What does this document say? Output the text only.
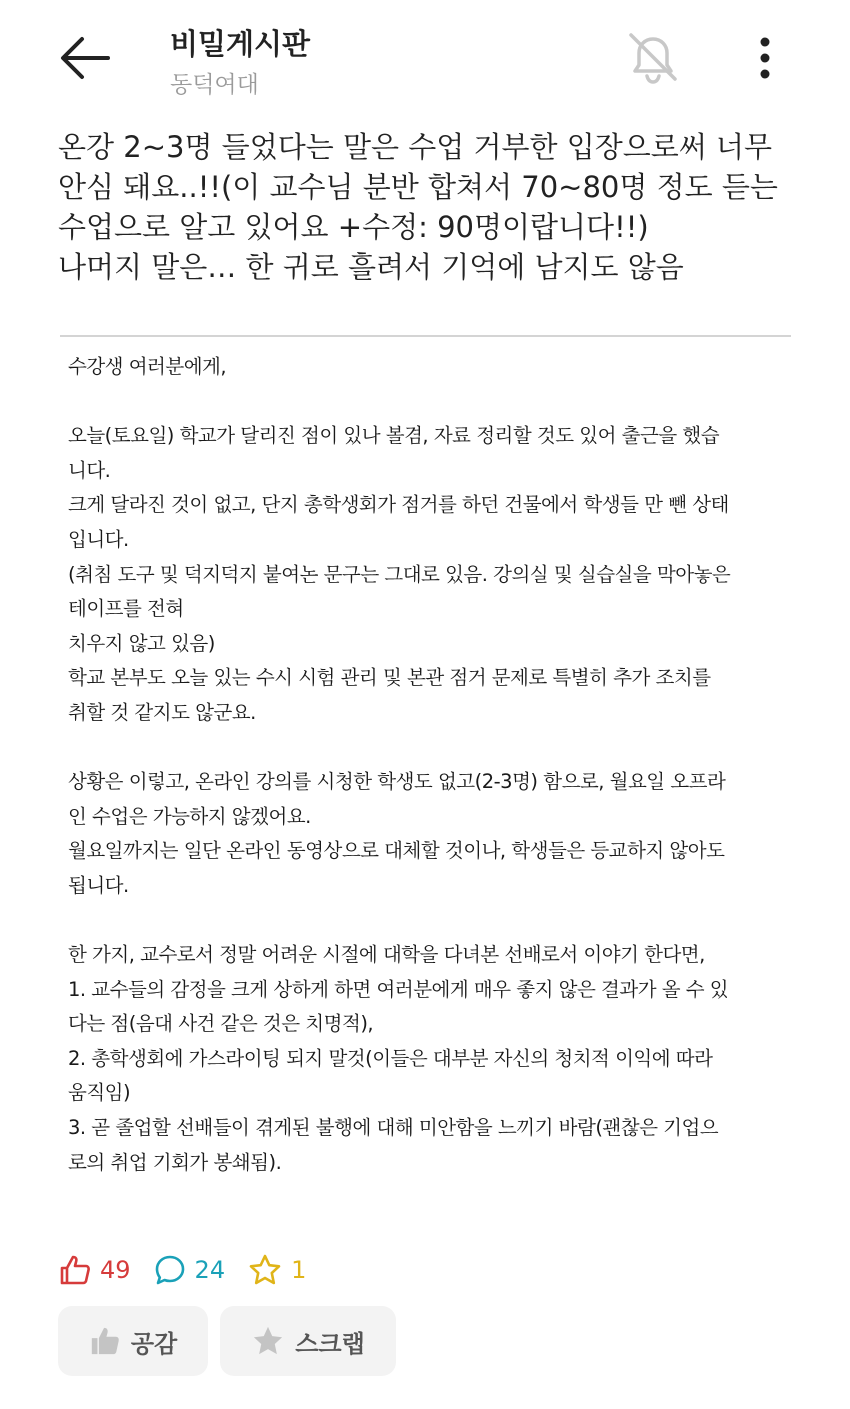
비밀게시판
동덕여대
온강 2~3명 들었다는 말은 수업 거부한 입장으로써 너무
안심 돼요..!!(이 교수님 분반 합쳐서 70~80명 정도 듣는
수업으로 알고 있어요 +수정: 90명이랍니다!!)
나머지 말은… 한 귀로 흘려서 기억에 남지도 않음
수강생 여러분에게,
오늘(토요일) 학교가 달리진 점이 있나 볼겸, 자료 정리할 것도 있어 출근을 했습
니다.
크게 달라진 것이 없고, 단지 총학생회가 점거를 하던 건물에서 학생들 만 뺀 상태
입니다.
(취침 도구 및 덕지덕지 붙여논 문구는 그대로 있음. 강의실 및 실습실을 막아놓은
테이프를 전혀
치우지 않고 있음)
학교 본부도 오늘 있는 수시 시험 관리 및 본관 점거 문제로 특별히 추가 조치를
취할 것 같지도 않군요.
상황은 이렇고, 온라인 강의를 시청한 학생도 없고(2-3명) 함으로, 월요일 오프라
인 수업은 가능하지 않겠어요.
월요일까지는 일단 온라인 동영상으로 대체할 것이나, 학생들은 등교하지 않아도
됩니다.
한 가지, 교수로서 정말 어려운 시절에 대학을 다녀본 선배로서 이야기 한다면,
1. 교수들의 감정을 크게 상하게 하면 여러분에게 매우 좋지 않은 결과가 올 수 있
다는 점(음대 사건 같은 것은 치명적),
2. 총학생회에 가스라이팅 되지 말것(이들은 대부분 자신의 청치적 이익에 따라
움직임)
3. 곧 졸업할 선배들이 겪게된 불행에 대해 미안함을 느끼기 바람(괜찮은 기업으
로의 취업 기회가 봉쇄됨).
49	24	1
공감	스크랩
